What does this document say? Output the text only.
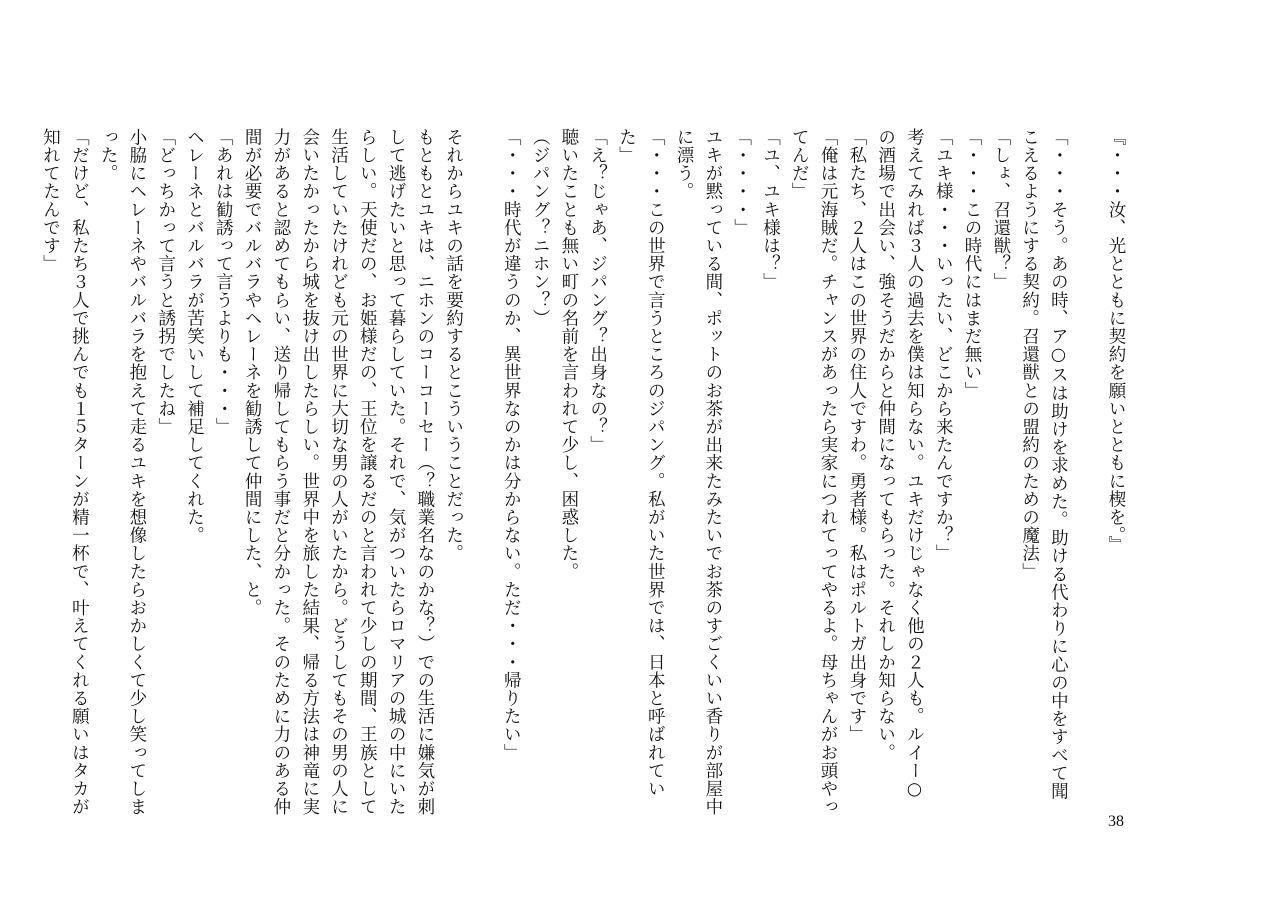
『・・・汝、光とともに契約を願いとともに楔を。』
「・・・そう。あの時、ア○スは助けを求めた。助ける代わりに心の中をすべて聞こえるようにする契約。召還獣との盟約のための魔法」
「しょ、召還獣？」
「・・・この時代にはまだ無い」
「ユキ様・・・いったい、どこから来たんですか？」
考えてみれば３人の過去を僕は知らない。ユキだけじゃなく他の２人も。ルイー○の酒場で出会い、強そうだからと仲間になってもらった。それしか知らない。
「私たち、２人はこの世界の住人ですわ。勇者様。私はポルトガ出身です」
「俺は元海賊だ。チャンスがあったら実家につれてってやるよ。母ちゃんがお頭やってんだ」
「ユ、ユキ様は？」
「・・・・」
ユキが黙っている間、ポットのお茶が出来たみたいでお茶のすごくいい香りが部屋中に漂う。
「・・・この世界で言うところのジパング。私がいた世界では、日本と呼ばれていた」
「え？じゃあ、ジパング？出身なの？」
聴いたことも無い町の名前を言われて少し、困惑した。
（ジパング？ニホン？）
「・・・時代が違うのか、異世界なのかは分からない。ただ・・・帰りたい」
それからユキの話を要約するとこういうことだった。
もともとユキは、ニホンのコーコーセー（？職業名なのかな？）での生活に嫌気が刺して逃げたいと思って暮らしていた。それで、気がついたらロマリアの城の中にいたらしい。天使だの、お姫様だの、王位を譲るだのと言われて少しの期間、王族として生活していたけれども元の世界に大切な男の人がいたから。どうしてもその男の人に会いたかったから城を抜け出したらしい。世界中を旅した結果、帰る方法は神竜に実力があると認めてもらい、送り帰してもらう事だと分かった。そのために力のある仲間が必要でバルバラやヘレーネを勧誘して仲間にした、と。
「あれは勧誘って言うよりも・・・」
ヘレーネとバルバラが苦笑いして補足してくれた。
「どっちかって言うと誘拐でしたね」
小脇にヘレーネやバルバラを抱えて走るユキを想像したらおかしくて少し笑ってしまった。
「だけど、私たち３人で挑んでも１５ターンが精一杯で、叶えてくれる願いはタカが知れてたんです」
38
